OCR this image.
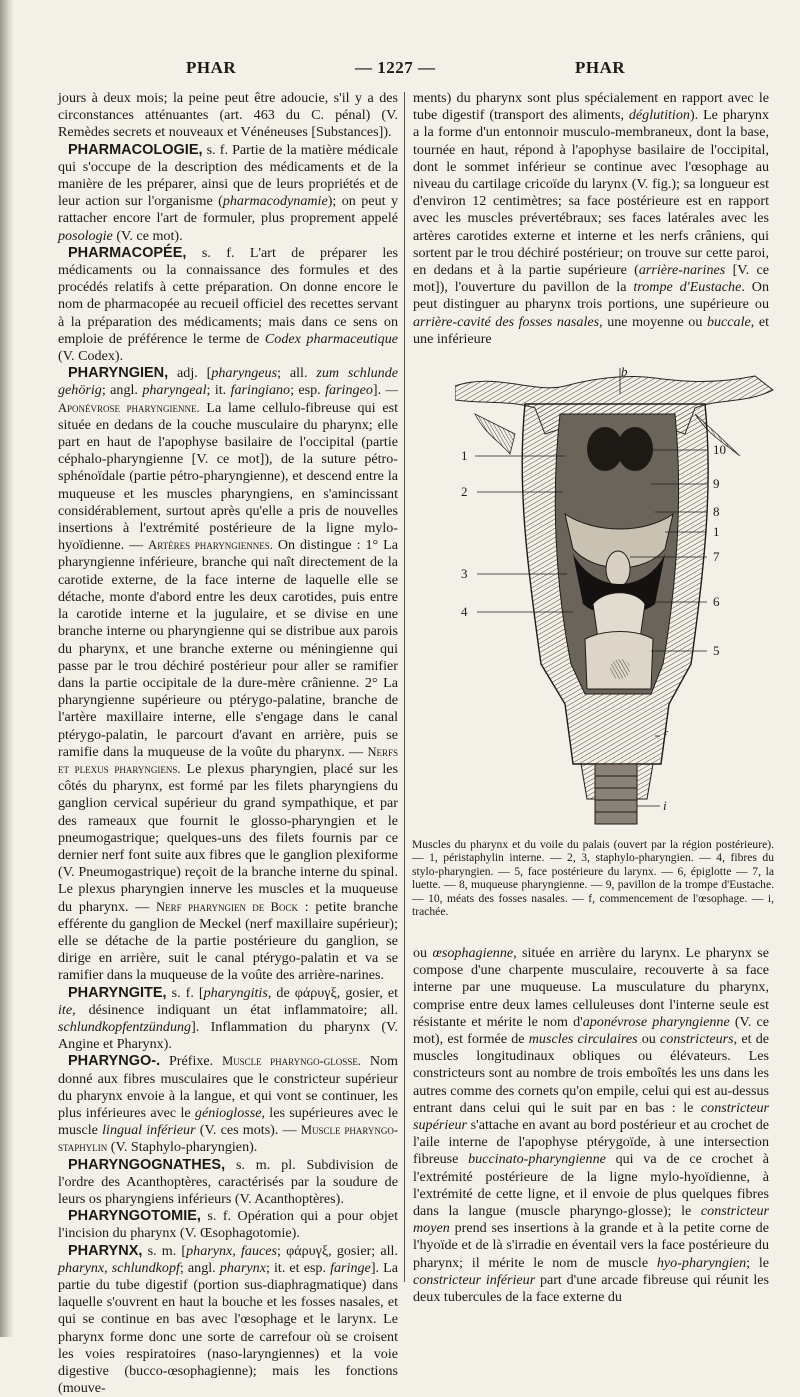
PHAR	— 1227 —	PHAR

jours à deux mois; la peine peut être adoucie, s'il y a des circonstances atténuantes (art. 463 du C. pénal) (V. Remèdes secrets et nouveaux et Vénéneuses [Substances]).

PHARMACOLOGIE, s. f. Partie de la matière médicale qui s'occupe de la description des médicaments et de la manière de les préparer, ainsi que de leurs propriétés et de leur action sur l'organisme (pharmacodynamie); on peut y rattacher encore l'art de formuler, plus proprement appelé posologie (V. ce mot).

PHARMACOPÉE, s. f. L'art de préparer les médicaments ou la connaissance des formules et des procédés relatifs à cette préparation. On donne encore le nom de pharmacopée au recueil officiel des recettes servant à la préparation des médicaments; mais dans ce sens on emploie de préférence le terme de Codex pharmaceutique (V. Codex).

PHARYNGIEN, adj. [pharyngeus; all. zum schlunde gehörig; angl. pharyngeal; it. faringiano; esp. faringeo]. — Aponévrose pharyngienne. La lame cellulo-fibreuse qui est située en dedans de la couche musculaire du pharynx; elle part en haut de l'apophyse basilaire de l'occipital (partie céphalo-pharyngienne [V. ce mot]), de la suture pétro-sphénoïdale (partie pétro-pharyngienne), et descend entre la muqueuse et les muscles pharyngiens, en s'amincissant considérablement, surtout après qu'elle a pris de nouvelles insertions à l'extrémité postérieure de la ligne mylo-hyoïdienne. — Artères pharyngiennes. On distingue : 1° La pharyngienne inférieure, branche qui naît directement de la carotide externe, de la face interne de laquelle elle se détache, monte d'abord entre les deux carotides, puis entre la carotide interne et la jugulaire, et se divise en une branche interne ou pharyngienne qui se distribue aux parois du pharynx, et une branche externe ou méningienne qui passe par le trou déchiré postérieur pour aller se ramifier dans la partie occipitale de la dure-mère crânienne. 2° La pharyngienne supérieure ou ptérygo-palatine, branche de l'artère maxillaire interne, elle s'engage dans le canal ptérygo-palatin, le parcourt d'avant en arrière, puis se ramifie dans la muqueuse de la voûte du pharynx. — Nerfs et plexus pharyngiens. Le plexus pharyngien, placé sur les côtés du pharynx, est formé par les filets pharyngiens du ganglion cervical supérieur du grand sympathique, et par des rameaux que fournit le glosso-pharyngien et le pneumogastrique; quelques-uns des filets fournis par ce dernier nerf font suite aux fibres que le ganglion plexiforme (V. Pneumogastrique) reçoit de la branche interne du spinal. Le plexus pharyngien innerve les muscles et la muqueuse du pharynx. — Nerf pharyngien de Bock : petite branche efférente du ganglion de Meckel (nerf maxillaire supérieur); elle se détache de la partie postérieure du ganglion, se dirige en arrière, suit le canal ptérygo-palatin et va se ramifier dans la muqueuse de la voûte des arrière-narines.

PHARYNGITE, s. f. [pharyngitis, de φάρυγξ, gosier, et ite, désinence indiquant un état inflammatoire; all. schlundkopfentzündung]. Inflammation du pharynx (V. Angine et Pharynx).

PHARYNGO-. Préfixe. Muscle pharyngo-glosse. Nom donné aux fibres musculaires que le constricteur supérieur du pharynx envoie à la langue, et qui vont se continuer, les plus inférieures avec le génioglosse, les supérieures avec le muscle lingual inférieur (V. ces mots). — Muscle pharyngo-staphylin (V. Staphylo-pharyngien).

PHARYNGOGNATHES, s. m. pl. Subdivision de l'ordre des Acanthoptères, caractérisés par la soudure de leurs os pharyngiens inférieurs (V. Acanthoptères).

PHARYNGOTOMIE, s. f. Opération qui a pour objet l'incision du pharynx (V. Œsophagotomie).

PHARYNX, s. m. [pharynx, fauces; φάρυγξ, gosier; all. pharynx, schlundkopf; angl. pharynx; it. et esp. faringe]. La partie du tube digestif (portion sus-diaphragmatique) dans laquelle s'ouvrent en haut la bouche et les fosses nasales, et qui se continue en bas avec l'œsophage et le larynx. Le pharynx forme donc une sorte de carrefour où se croisent les voies respiratoires (naso-laryngiennes) et la voie digestive (bucco-œsophagienne); mais les fonctions (mouve-

ments) du pharynx sont plus spécialement en rapport avec le tube digestif (transport des aliments, déglutition). Le pharynx a la forme d'un entonnoir musculo-membraneux, dont la base, tournée en haut, répond à l'apophyse basilaire de l'occipital, dont le sommet inférieur se continue avec l'œsophage au niveau du cartilage cricoïde du larynx (V. fig.); sa longueur est d'environ 12 centimètres; sa face postérieure est en rapport avec les muscles prévertébraux; ses faces latérales avec les artères carotides externe et interne et les nerfs crâniens, qui sortent par le trou déchiré postérieur; on trouve sur cette paroi, en dedans et à la partie supérieure (arrière-narines [V. ce mot]), l'ouverture du pavillon de la trompe d'Eustache. On peut distinguer au pharynx trois portions, une supérieure ou arrière-cavité des fosses nasales, une moyenne ou buccale, et une inférieure

b
1
2
3
4
10
9
8
1
7
6
5
f
i
Muscles du pharynx et du voile du palais (ouvert par la région postérieure). — 1, péristaphylin interne. — 2, 3, staphylo-pharyngien. — 4, fibres du stylo-pharyngien. — 5, face postérieure du larynx. — 6, épiglotte — 7, la luette. — 8, muqueuse pharyngienne. — 9, pavillon de la trompe d'Eustache. — 10, méats des fosses nasales. — f, commencement de l'œsophage. — i, trachée.

ou œsophagienne, située en arrière du larynx. Le pharynx se compose d'une charpente musculaire, recouverte à sa face interne par une muqueuse. La musculature du pharynx, comprise entre deux lames celluleuses dont l'interne seule est résistante et mérite le nom d'aponévrose pharyngienne (V. ce mot), est formée de muscles circulaires ou constricteurs, et de muscles longitudinaux obliques ou élévateurs. Les constricteurs sont au nombre de trois emboîtés les uns dans les autres comme des cornets qu'on empile, celui qui est au-dessus entrant dans celui qui le suit par en bas : le constricteur supérieur s'attache en avant au bord postérieur et au crochet de l'aile interne de l'apophyse ptérygoïde, à une intersection fibreuse buccinato-pharyngienne qui va de ce crochet à l'extrémité postérieure de la ligne mylo-hyoïdienne, à l'extrémité de cette ligne, et il envoie de plus quelques fibres dans la langue (muscle pharyngo-glosse); le constricteur moyen prend ses insertions à la grande et à la petite corne de l'hyoïde et de là s'irradie en éventail vers la face postérieure du pharynx; il mérite le nom de muscle hyo-pharyngien; le constricteur inférieur part d'une arcade fibreuse qui réunit les deux tubercules de la face externe du
